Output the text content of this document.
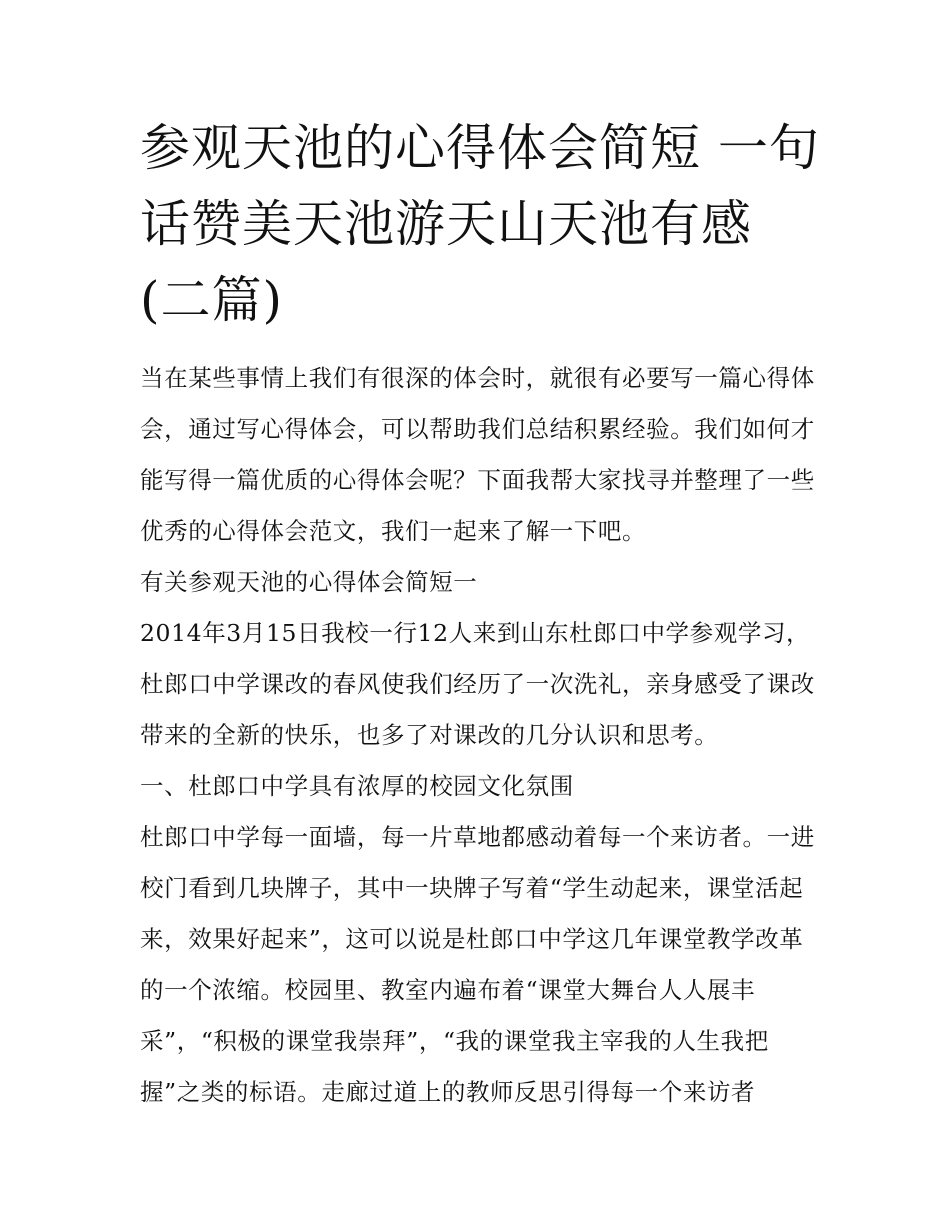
参观天池的心得体会简短 一句话赞美天池游天山天池有感(二篇)

当在某些事情上我们有很深的体会时，就很有必要写一篇心得体会，通过写心得体会，可以帮助我们总结积累经验。我们如何才能写得一篇优质的心得体会呢？下面我帮大家找寻并整理了一些优秀的心得体会范文，我们一起来了解一下吧。

有关参观天池的心得体会简短一

2014年3月15日我校一行12人来到山东杜郎口中学参观学习，杜郎口中学课改的春风使我们经历了一次洗礼，亲身感受了课改带来的全新的快乐，也多了对课改的几分认识和思考。

一、杜郎口中学具有浓厚的校园文化氛围

杜郎口中学每一面墙，每一片草地都感动着每一个来访者。一进校门看到几块牌子，其中一块牌子写着“学生动起来，课堂活起来，效果好起来”，这可以说是杜郎口中学这几年课堂教学改革的一个浓缩。校园里、教室内遍布着“课堂大舞台人人展丰采”，“积极的课堂我崇拜”，“我的课堂我主宰我的人生我把握”之类的标语。走廊过道上的教师反思引得每一个来访者
